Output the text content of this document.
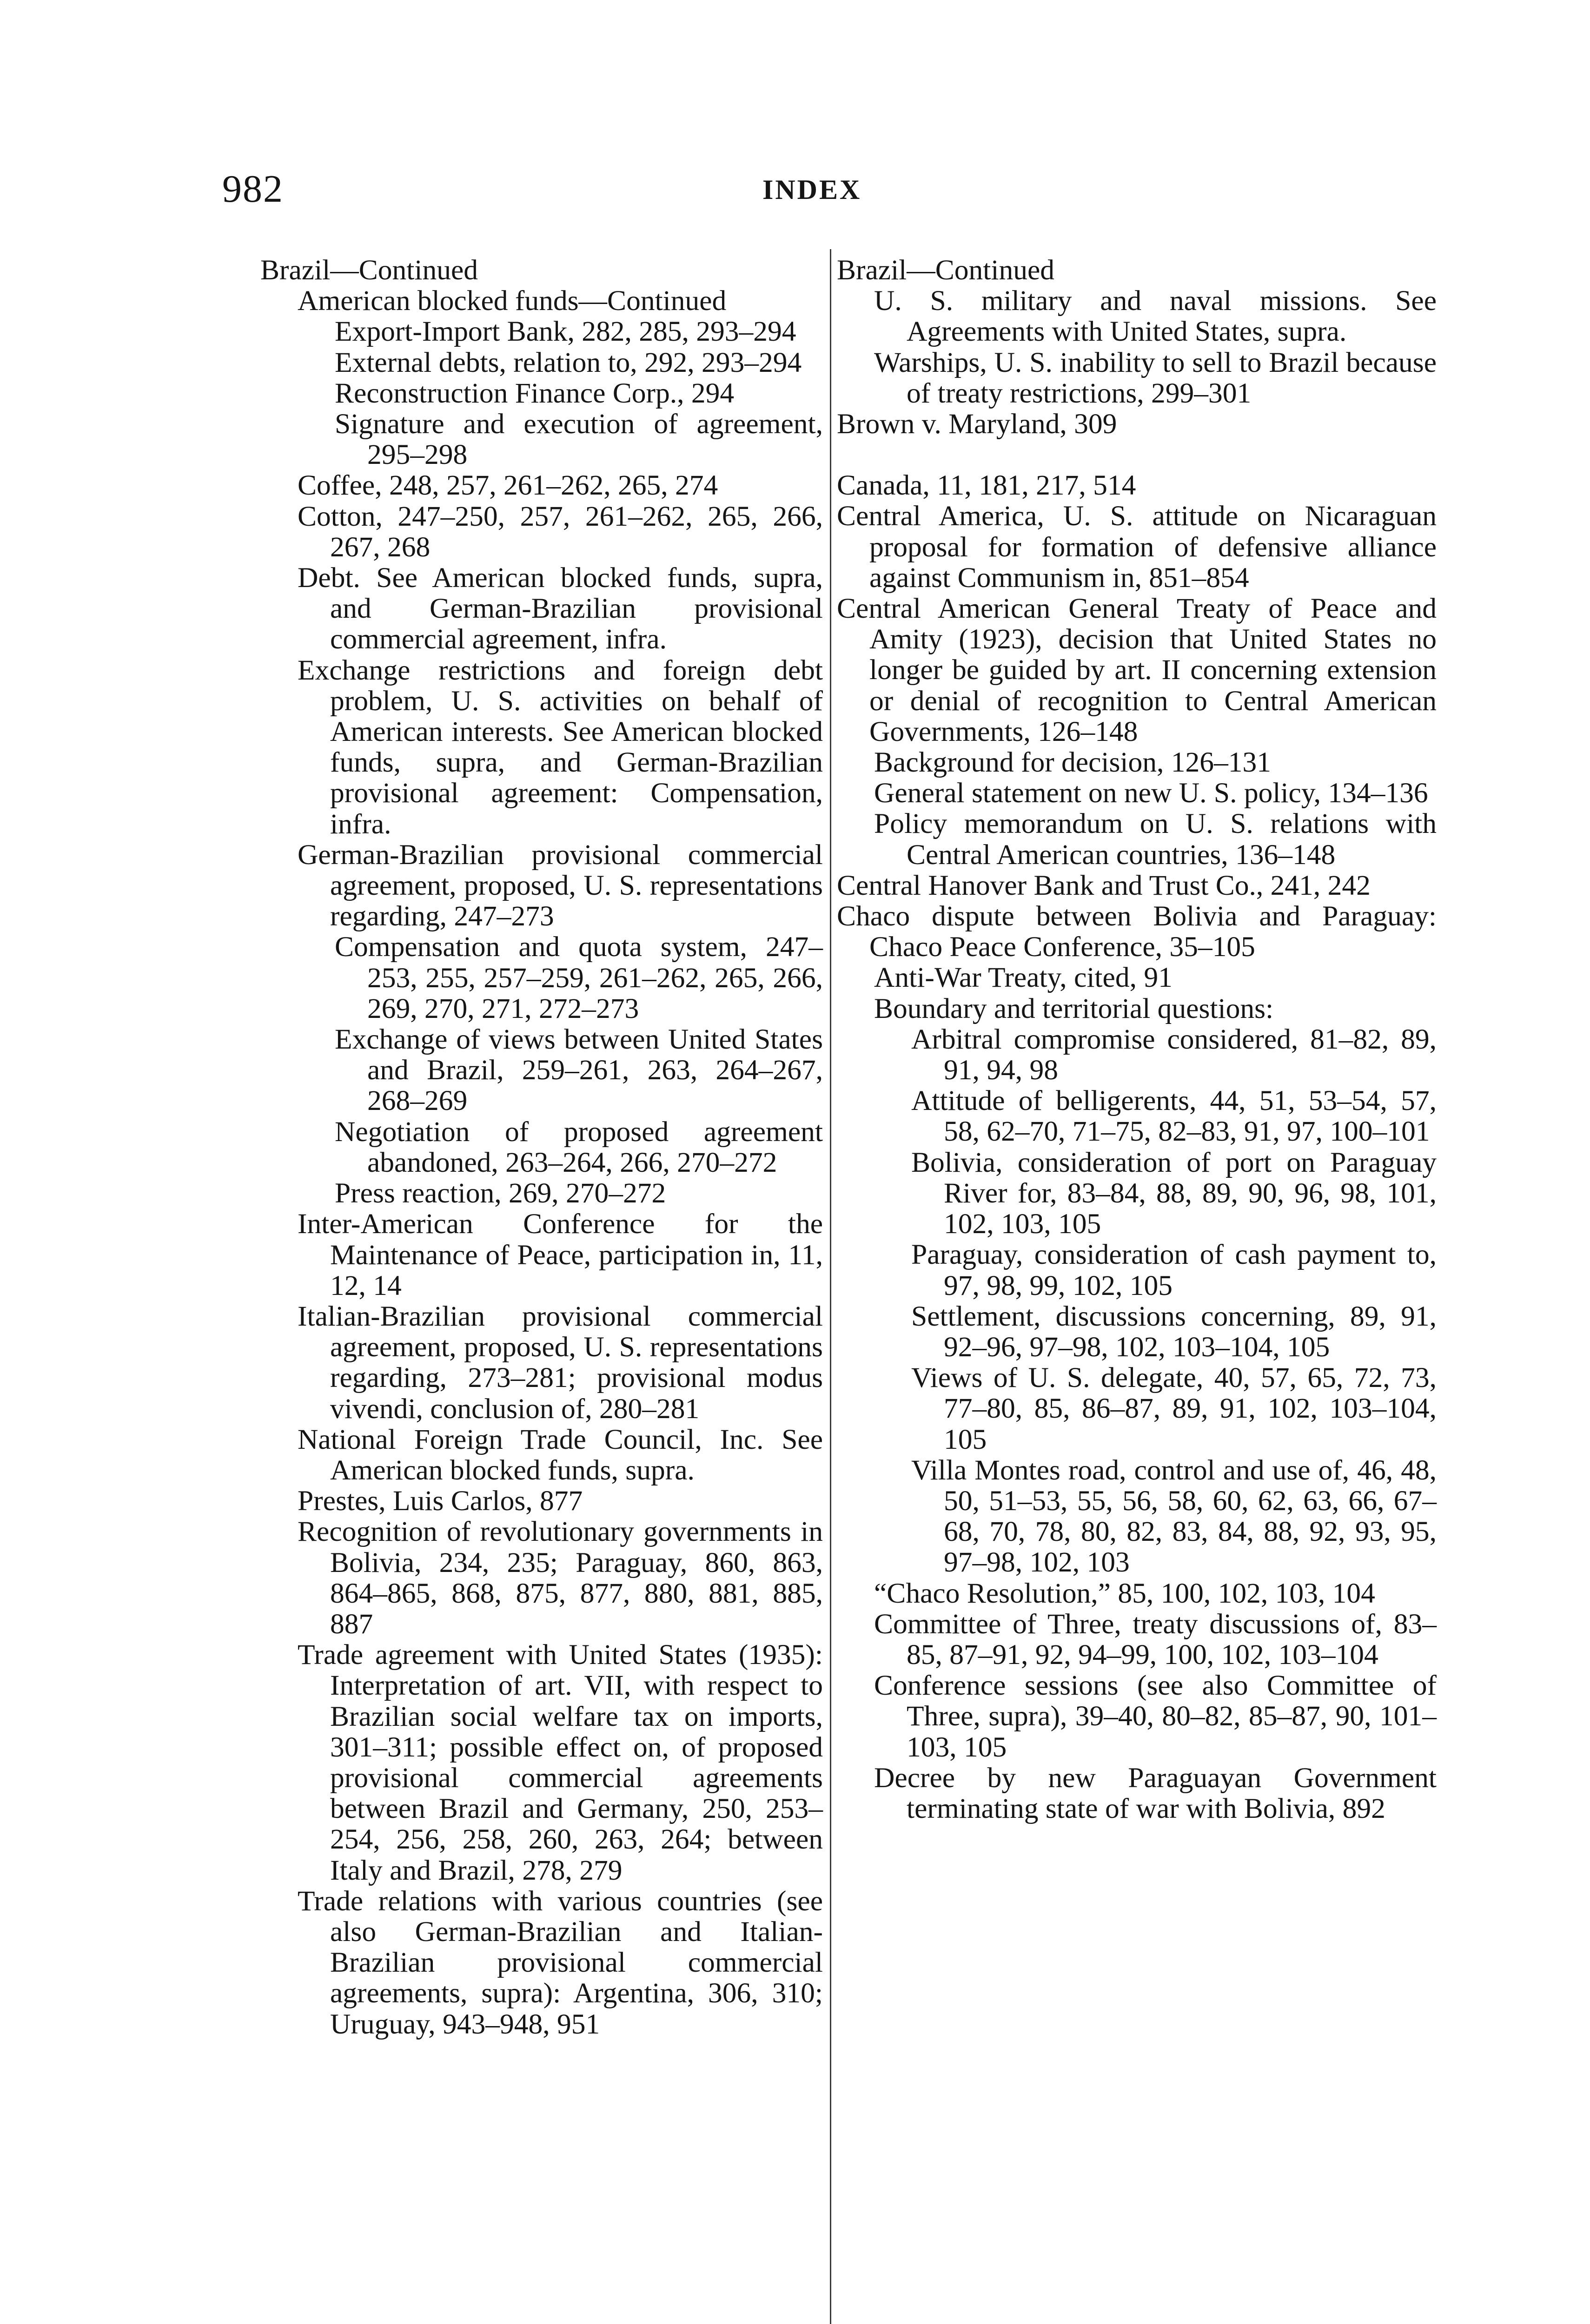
982	INDEX
Brazil—Continued
American blocked funds—Continued
Export-Import Bank, 282, 285, 293–294
External debts, relation to, 292, 293–294
Reconstruction Finance Corp., 294
Signature and execution of agreement, 295–298
Coffee, 248, 257, 261–262, 265, 274
Cotton, 247–250, 257, 261–262, 265, 266, 267, 268
Debt. See American blocked funds, supra, and German-Brazilian provisional commercial agreement, infra.
Exchange restrictions and foreign debt problem, U. S. activities on behalf of American interests. See American blocked funds, supra, and German-Brazilian provisional agreement: Compensation, infra.
German-Brazilian provisional commercial agreement, proposed, U. S. representations regarding, 247–273
Compensation and quota system, 247–253, 255, 257–259, 261–262, 265, 266, 269, 270, 271, 272–273
Exchange of views between United States and Brazil, 259–261, 263, 264–267, 268–269
Negotiation of proposed agreement abandoned, 263–264, 266, 270–272
Press reaction, 269, 270–272
Inter-American Conference for the Maintenance of Peace, participation in, 11, 12, 14
Italian-Brazilian provisional commercial agreement, proposed, U. S. representations regarding, 273–281; provisional modus vivendi, conclusion of, 280–281
National Foreign Trade Council, Inc. See American blocked funds, supra.
Prestes, Luis Carlos, 877
Recognition of revolutionary governments in Bolivia, 234, 235; Paraguay, 860, 863, 864–865, 868, 875, 877, 880, 881, 885, 887
Trade agreement with United States (1935): Interpretation of art. VII, with respect to Brazilian social welfare tax on imports, 301–311; possible effect on, of proposed provisional commercial agreements between Brazil and Germany, 250, 253–254, 256, 258, 260, 263, 264; between Italy and Brazil, 278, 279
Trade relations with various countries (see also German-Brazilian and Italian-Brazilian provisional commercial agreements, supra): Argentina, 306, 310; Uruguay, 943–948, 951
Brazil—Continued
U. S. military and naval missions. See Agreements with United States, supra.
Warships, U. S. inability to sell to Brazil because of treaty restrictions, 299–301
Brown v. Maryland, 309
Canada, 11, 181, 217, 514
Central America, U. S. attitude on Nicaraguan proposal for formation of defensive alliance against Communism in, 851–854
Central American General Treaty of Peace and Amity (1923), decision that United States no longer be guided by art. II concerning extension or denial of recognition to Central American Governments, 126–148
Background for decision, 126–131
General statement on new U. S. policy, 134–136
Policy memorandum on U. S. relations with Central American countries, 136–148
Central Hanover Bank and Trust Co., 241, 242
Chaco dispute between Bolivia and Paraguay: Chaco Peace Conference, 35–105
Anti-War Treaty, cited, 91
Boundary and territorial questions:
Arbitral compromise considered, 81–82, 89, 91, 94, 98
Attitude of belligerents, 44, 51, 53–54, 57, 58, 62–70, 71–75, 82–83, 91, 97, 100–101
Bolivia, consideration of port on Paraguay River for, 83–84, 88, 89, 90, 96, 98, 101, 102, 103, 105
Paraguay, consideration of cash payment to, 97, 98, 99, 102, 105
Settlement, discussions concerning, 89, 91, 92–96, 97–98, 102, 103–104, 105
Views of U. S. delegate, 40, 57, 65, 72, 73, 77–80, 85, 86–87, 89, 91, 102, 103–104, 105
Villa Montes road, control and use of, 46, 48, 50, 51–53, 55, 56, 58, 60, 62, 63, 66, 67–68, 70, 78, 80, 82, 83, 84, 88, 92, 93, 95, 97–98, 102, 103
“Chaco Resolution,” 85, 100, 102, 103, 104
Committee of Three, treaty discussions of, 83–85, 87–91, 92, 94–99, 100, 102, 103–104
Conference sessions (see also Committee of Three, supra), 39–40, 80–82, 85–87, 90, 101–103, 105
Decree by new Paraguayan Government terminating state of war with Bolivia, 892
